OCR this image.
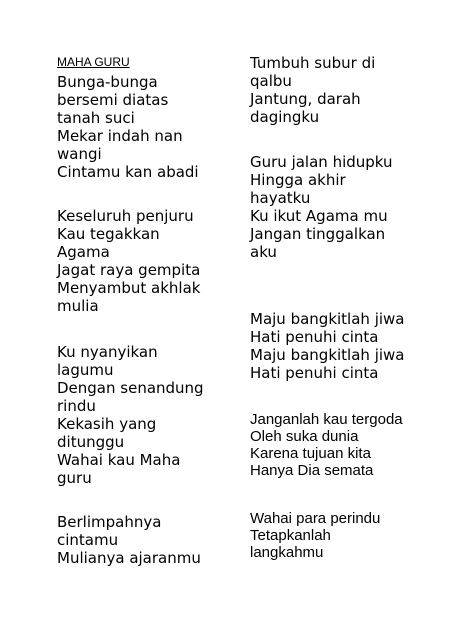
MAHA GURU
Bunga-bunga
bersemi diatas
tanah suci
Mekar indah nan
wangi
Cintamu kan abadi
Keseluruh penjuru
Kau tegakkan
Agama
Jagat raya gempita
Menyambut akhlak
mulia
Ku nyanyikan
lagumu
Dengan senandung
rindu
Kekasih yang
ditunggu
Wahai kau Maha
guru
Berlimpahnya
cintamu
Mulianya ajaranmu
Tumbuh subur di
qalbu
Jantung, darah
dagingku
Guru jalan hidupku
Hingga akhir
hayatku
Ku ikut Agama mu
Jangan tinggalkan
aku
Maju bangkitlah jiwa
Hati penuhi cinta
Maju bangkitlah jiwa
Hati penuhi cinta
Janganlah kau tergoda
Oleh suka dunia
Karena tujuan kita
Hanya Dia semata
Wahai para perindu
Tetapkanlah
langkahmu
